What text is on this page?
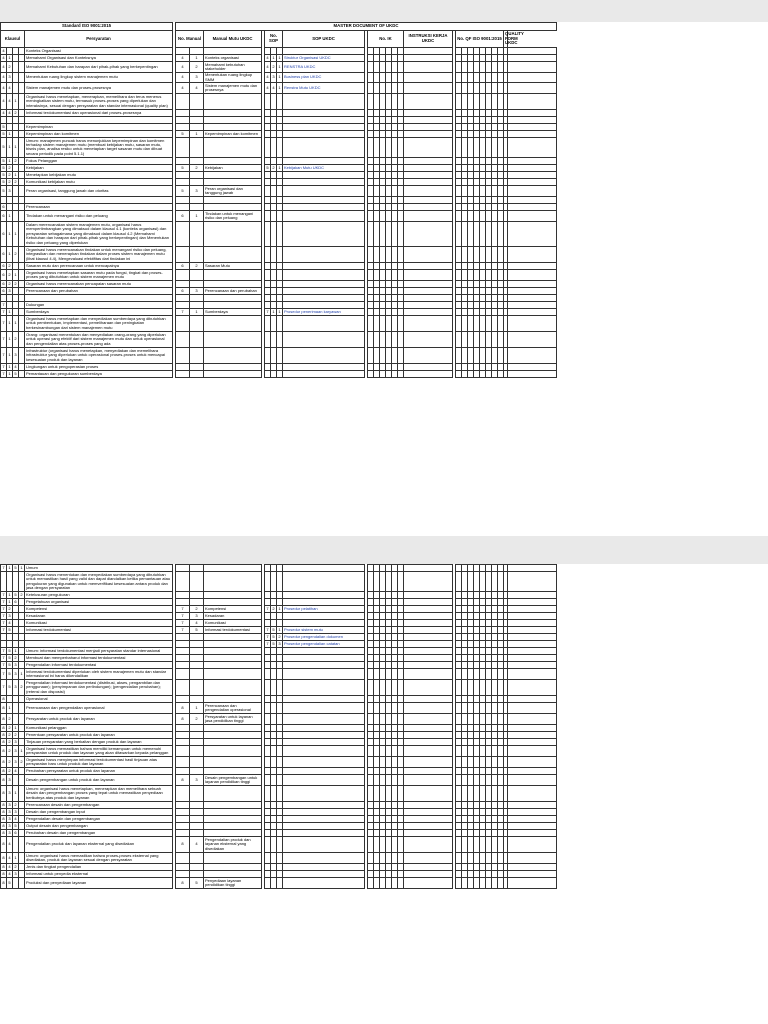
Standard ISO 9001:2015						MASTER DOCUMENT OF UKDC																										
Klausul				Persyaratan		No. Manual		Manual Mutu UKDC		No. SOP			SOP UKDC		No. IK						INSTRUKSI KERJA UKDC		No. QF ISO 9001:2015								QUALITY FORM UKDC	
4				Konteks Organisasi																												
4	1			Memahami Organisasi dan Konteksnya		4	1	Konteks organisasi		4	1	1	Struktur Organisasi UKDC																			
4	2			Memahami Kebutuhan dan harapan dari pihak-pihak yang berkepentingan		4	2	Memahami kebutuhan stakeholder		4	2	1	RENSTRA UKDC																			
4	3			Menentukan ruang lingkup sistem manajemen mutu		4	3	Menentukan ruang lingkup SMM		4	3	1	Business plan UKDC																			
4	4			Sistem manajemen mutu dan proses-prosesnya		4	4	Sistem manajemen mutu dan prosesnya		4	4	1	Renstra Mutu UKDC																			
4	4	1		Organisasi harus menetapkan, menerapkan, memelihara dan terus menerus meningkatkan sistem mutu, termasuk proses-proses yang diperlukan dan interaksinya, sesuai dengan persyaratan dan standar internasional (quality plan)																												
4	4	2		Informasi terdokumentasi dan operasional dari proses-prosesnya																												

5				Kepemimpinan																												
5	1			Kepemimpinan dan komitmen		5	1	Kepemimpinan dan komitmen																								
5	1	1		Umum: manajemen puncak harus menunjukkan kepemimpinan dan komitmen terhadap sistem manajemen mutu (membuat kebijakan mutu, sasaran mutu, bisnis plan, analisa resiko untuk menetapkan target sasaran mutu dan dibuat secara periodik pada point 5.1.1)																												
5	1	2		Fokus Pelanggan																												
5	2			Kebijakan		5	2	Kebijakan		5	2	1	Kebijakan Mutu UKDC																			
5	2	1		Menetapkan kebijakan mutu																												
5	2	2		Komunikasi kebijakan mutu																												
5	3			Peran organisasi, tanggung jawab dan otoritas		5	3	Peran organisasi dan tanggung jawab																								

6				Perencanaan																												
6	1			Tindakan untuk menangani risiko dan peluang		6	1	Tindakan untuk menangani risiko dan peluang																								
6	1	1		Dalam merencanakan sistem manajemen mutu, organisasi harus mempertimbangkan yang dimaksud dalam klausul 4.1 (konteks organisasi) dan persyaratan sebagaimana yang dimaksud dalam klausul 4.2 (Memahami Kebutuhan dan harapan dari pihak-pihak yang berkepentingan) dan Menentukan risiko dan peluang yang diperlukan																												
6	1	2		Organisasi harus merencanakan tindakan untuk menangani risiko dan peluang, integrasikan dan menerapkan tindakan dalam proses sistem manajemen mutu (lihat klausul 4.4), Mengevaluasi efektifitas dari tindakan ini																												
6	2			Sasaran mutu dan perencanaan untuk mencapainya		6	2	Sasaran Mutu																								
6	2	1		Organisasi harus menetapkan sasaran mutu pada fungsi, tingkat dan proses-proses yang dibutuhkan untuk sistem manajemen mutu																												
6	2	2		Organisasi harus merencanakan pencapaian sasaran mutu																												
6	3			Perencanaan dan perubahan		6	3	Perencanaan dan perubahan																								

7				Dukungan																												
7	1			Sumberdaya		7	1	Sumberdaya		7	1	1	Prosedur penerimaan karyawan																			
7	1	1		Organisasi harus menetapkan dan menyediakan sumberdaya yang dibutuhkan untuk pembentukan, implementasi, pemeliharaan dan peningkatan berkesinambungan dari sistem manajemen mutu																												
7	1	2		Orang: organisasi menentukan dan menyediakan orang-orang yang diperlukan untuk operasi yang efektif dari sistem manajemen mutu dan untuk operasional dan pengendalian atas proses-proses yang ada																												
7	1	3		Infrastruktur (organisasi harus menetapkan, menyediakan dan memelihara infrastruktur yang diperlukan untuk operasional proses-proses untuk mencapai kesesuaian produk dan layanan																												
7	1	4		Lingkungan untuk pengoperasian proses																												
7	1	5		Pemantauan dan pengukuran sumberdaya																												
7	1	5	1	Umum																												
				Organisasi harus menentukan dan menyediakan sumberdaya yang dibutuhkan untuk memastikan hasil yang valid dan dapat diandalkan ketika pemantauan atau pengukuran yang digunakan untuk memverifikasi kesesuaian antara produk dan jasa dengan persyaratan																												
7	1	5	2	Ketelusuran pengukuran																												
7	1	6		Pengetahuan organisasi																												
7	2			Kompetensi		7	2	Kompetensi		7	2	1	Prosedur pelatihan																			
7	3			Kesadaran		7	3	Kesadaran																								
7	4			Komunikasi		7	4	Komunikasi																								
7	5			Informasi terdokumentasi		7	5	Informasi terdokumentasi		7	5	1	Prosedur sistem mutu																			
										7	5	2	Prosedur pengendalian dokumen																			
										7	5	3	Prosedur pengendalian catatan																			
7	5	1		Umum: informasi terdokumentasi menjadi persyaratan standar internasional																												
7	5	2		Membuat dan memperbaharui informasi terdokumentasi																												
7	5	3		Pengendalian informasi terdokumentasi																												
7	5	3	1	Informasi terdokumentasi diperlukan oleh sistem manajemen mutu dan standar internasional ini harus dikendalikan																												
7	5	3	2	Pengendalian informasi terdokumentasi (distribusi, akses, pengambilan dan penggunaan); (penyimpanan dan perlindungan); (pengendalian perubahan); (retensi dan disposisi)																												
8				Operasional																												
8	1			Perencanaan dan pengendalian operasional		8	1	Perencanaan dan pengendalian operasional																								
8	2			Persyaratan untuk produk dan layanan		8	2	Persyaratan untuk layanan jasa pendidikan tinggi																								
8	2	1		Komunikasi pelanggan																												
8	2	2		Penentuan persyaratan untuk produk dan layanan																												
8	2	3		Tinjauan persyaratan yang berkaitan dengan produk dan layanan																												
8	2	3	1	Organisasi harus memastikan bahwa memiliki kemampuan untuk memenuhi persyaratan untuk produk dan layanan yang akan ditawarkan kepada pelanggan																												
8	2	3	2	Organisasi harus menyimpan informasi terdokumentasi hasil tinjauan atas persyaratan baru untuk produk dan layanan																												
8	2	4		Perubahan persyaratan untuk produk dan layanan																												
8	3			Desain pengembangan untuk produk dan layanan		8	3	Desain pengembangan untuk layanan pendidikan tinggi																								
8	3	1		Umum: organisasi harus menetapkan, menerapkan dan memelihara sebuah desain dan pengembangan proses yang tepat untuk memastikan penyediaan berikutnya atas produk dan layanan																												
8	3	2		Perencanaan desain dan pengembangan																												
8	3	3		Desain dan pengembangan input																												
8	3	4		Pengendalian desain dan pengembangan																												
8	3	5		Output desain dan pengembangan																												
8	3	6		Perubahan desain dan pengembangan																												
8	4			Pengendalian produk dan layanan eksternal yang disediakan		8	4	Pengendalian produk dan layanan eksternal yang disediakan																								
8	4	1		Umum: organisasi harus memastikan bahwa proses-proses eksternal yang disediakan, produk dan layanan sesuai dengan persyaratan																												
8	4	2		Jenis dan tingkat pengendalian																												
8	4	3		Informasi untuk penyedia eksternal																												
8	5			Produksi dan penyediaan layanan		8	5	Penyediaan layanan pendidikan tinggi																								
